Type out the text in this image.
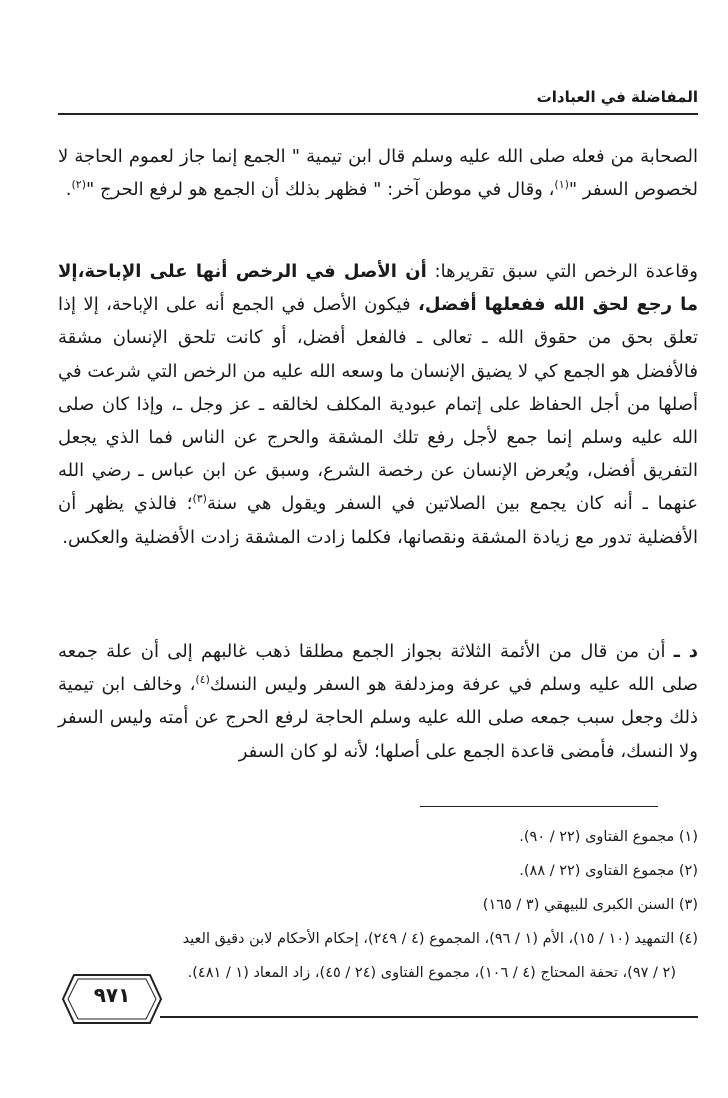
المفاضلة في العبادات

الصحابة من فعله صلى الله عليه وسلم قال ابن تيمية " الجمع إنما جاز لعموم الحاجة لا لخصوص السفر "$^{(١)}$، وقال في موطن آخر: " فظهر بذلك أن الجمع هو لرفع الحرج "$^{(٢)}$.

وقاعدة الرخص التي سبق تقريرها: أن الأصل في الرخص أنها على الإباحة،إلا ما رجع لحق الله ففعلها أفضل، فيكون الأصل في الجمع أنه على الإباحة، إلا إذا تعلق بحق من حقوق الله ـ تعالى ـ فالفعل أفضل، أو كانت تلحق الإنسان مشقة فالأفضل هو الجمع كي لا يضيق الإنسان ما وسعه الله عليه من الرخص التي شرعت في أصلها من أجل الحفاظ على إتمام عبودية المكلف لخالقه ـ عز وجل ـ، وإذا كان صلى الله عليه وسلم إنما جمع لأجل رفع تلك المشقة والحرج عن الناس فما الذي يجعل التفريق أفضل، ويُعرض الإنسان عن رخصة الشرع، وسبق عن ابن عباس ـ رضي الله عنهما ـ أنه كان يجمع بين الصلاتين في السفر ويقول هي سنة$^{(٣)}$؛ فالذي يظهر أن الأفضلية تدور مع زيادة المشقة ونقصانها، فكلما زادت المشقة زادت الأفضلية والعكس.

د ـ أن من قال من الأئمة الثلاثة بجواز الجمع مطلقا ذهب غالبهم إلى أن علة جمعه صلى الله عليه وسلم في عرفة ومزدلفة هو السفر وليس النسك$^{(٤)}$، وخالف ابن تيمية ذلك وجعل سبب جمعه صلى الله عليه وسلم الحاجة لرفع الحرج عن أمته وليس السفر ولا النسك، فأمضى قاعدة الجمع على أصلها؛ لأنه لو كان السفر

(١) مجموع الفتاوى (٢٢ / ٩٠).

(٢) مجموع الفتاوى (٢٢ / ٨٨).

(٣) السنن الكبرى للبيهقي (٣ / ١٦٥)

(٤) التمهيد (١٠ / ١٥)، الأم (١ / ٩٦)، المجموع (٤ / ٢٤٩)، إحكام الأحكام لابن دقيق العيد

(٢ / ٩٧)، تحفة المحتاج (٤ / ١٠٦)، مجموع الفتاوى (٢٤ / ٤٥)، زاد المعاد (١ / ٤٨١).

٩٧١
